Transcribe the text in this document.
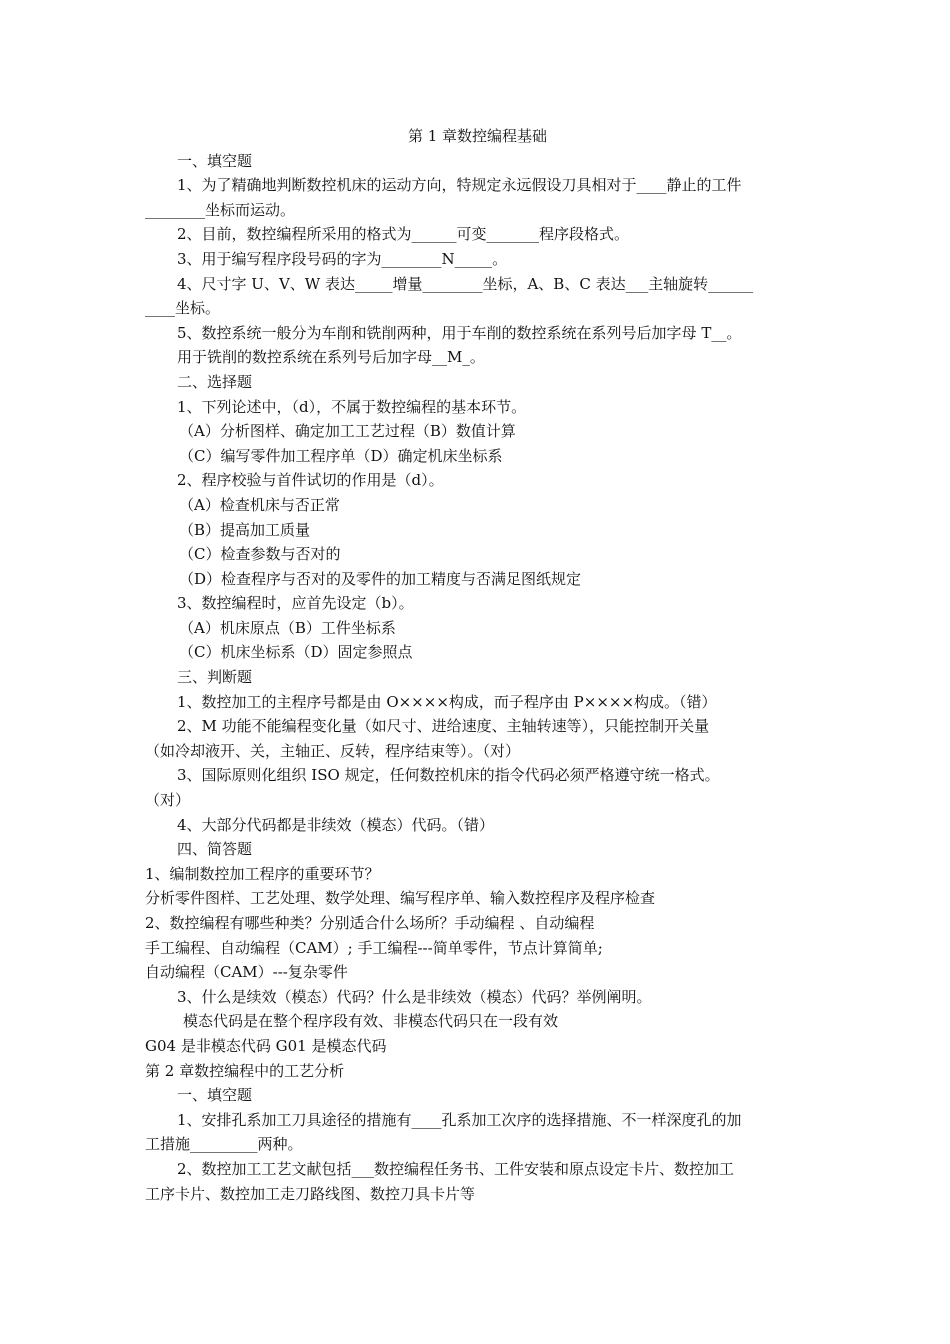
第 1 章数控编程基础
一、填空题
1、为了精确地判断数控机床的运动方向，特规定永远假设刀具相对于____静止的工件
________坐标而运动。
2、目前，数控编程所采用的格式为______可变_______程序段格式。
3、用于编写程序段号码的字为________N_____。
4、尺寸字 U、V、W 表达_____增量________坐标，A、B、C 表达___主轴旋转______
____坐标。
5、数控系统一般分为车削和铣削两种，用于车削的数控系统在系列号后加字母 T__。
用于铣削的数控系统在系列号后加字母__M_。
二、选择题
1、下列论述中，（d），不属于数控编程的基本环节。
（A）分析图样、确定加工工艺过程（B）数值计算
（C）编写零件加工程序单（D）确定机床坐标系
2、程序校验与首件试切的作用是（d）。
（A）检查机床与否正常
（B）提高加工质量
（C）检查参数与否对的
（D）检查程序与否对的及零件的加工精度与否满足图纸规定
3、数控编程时，应首先设定（b）。
（A）机床原点（B）工件坐标系
（C）机床坐标系（D）固定参照点
三、判断题
1、数控加工的主程序号都是由 O××××构成，而子程序由 P××××构成。（错）
2、M 功能不能编程变化量（如尺寸、进给速度、主轴转速等），只能控制开关量
（如冷却液开、关，主轴正、反转，程序结束等）。（对）
3、国际原则化组织 ISO 规定，任何数控机床的指令代码必须严格遵守统一格式。
（对）
4、大部分代码都是非续效（模态）代码。（错）
四、简答题
1、编制数控加工程序的重要环节？
分析零件图样、工艺处理、数学处理、编写程序单、输入数控程序及程序检查
2、数控编程有哪些种类？分别适合什么场所？手动编程 、自动编程
手工编程、自动编程（CAM）; 手工编程---简单零件，节点计算简单;
自动编程（CAM）---复杂零件
3、什么是续效（模态）代码？什么是非续效（模态）代码？举例阐明。
模态代码是在整个程序段有效、非模态代码只在一段有效
G04 是非模态代码 G01 是模态代码
第 2 章数控编程中的工艺分析
一、填空题
1、安排孔系加工刀具途径的措施有____孔系加工次序的选择措施、不一样深度孔的加
工措施_________两种。
2、数控加工工艺文献包括___数控编程任务书、工件安装和原点设定卡片、数控加工
工序卡片、数控加工走刀路线图、数控刀具卡片等
